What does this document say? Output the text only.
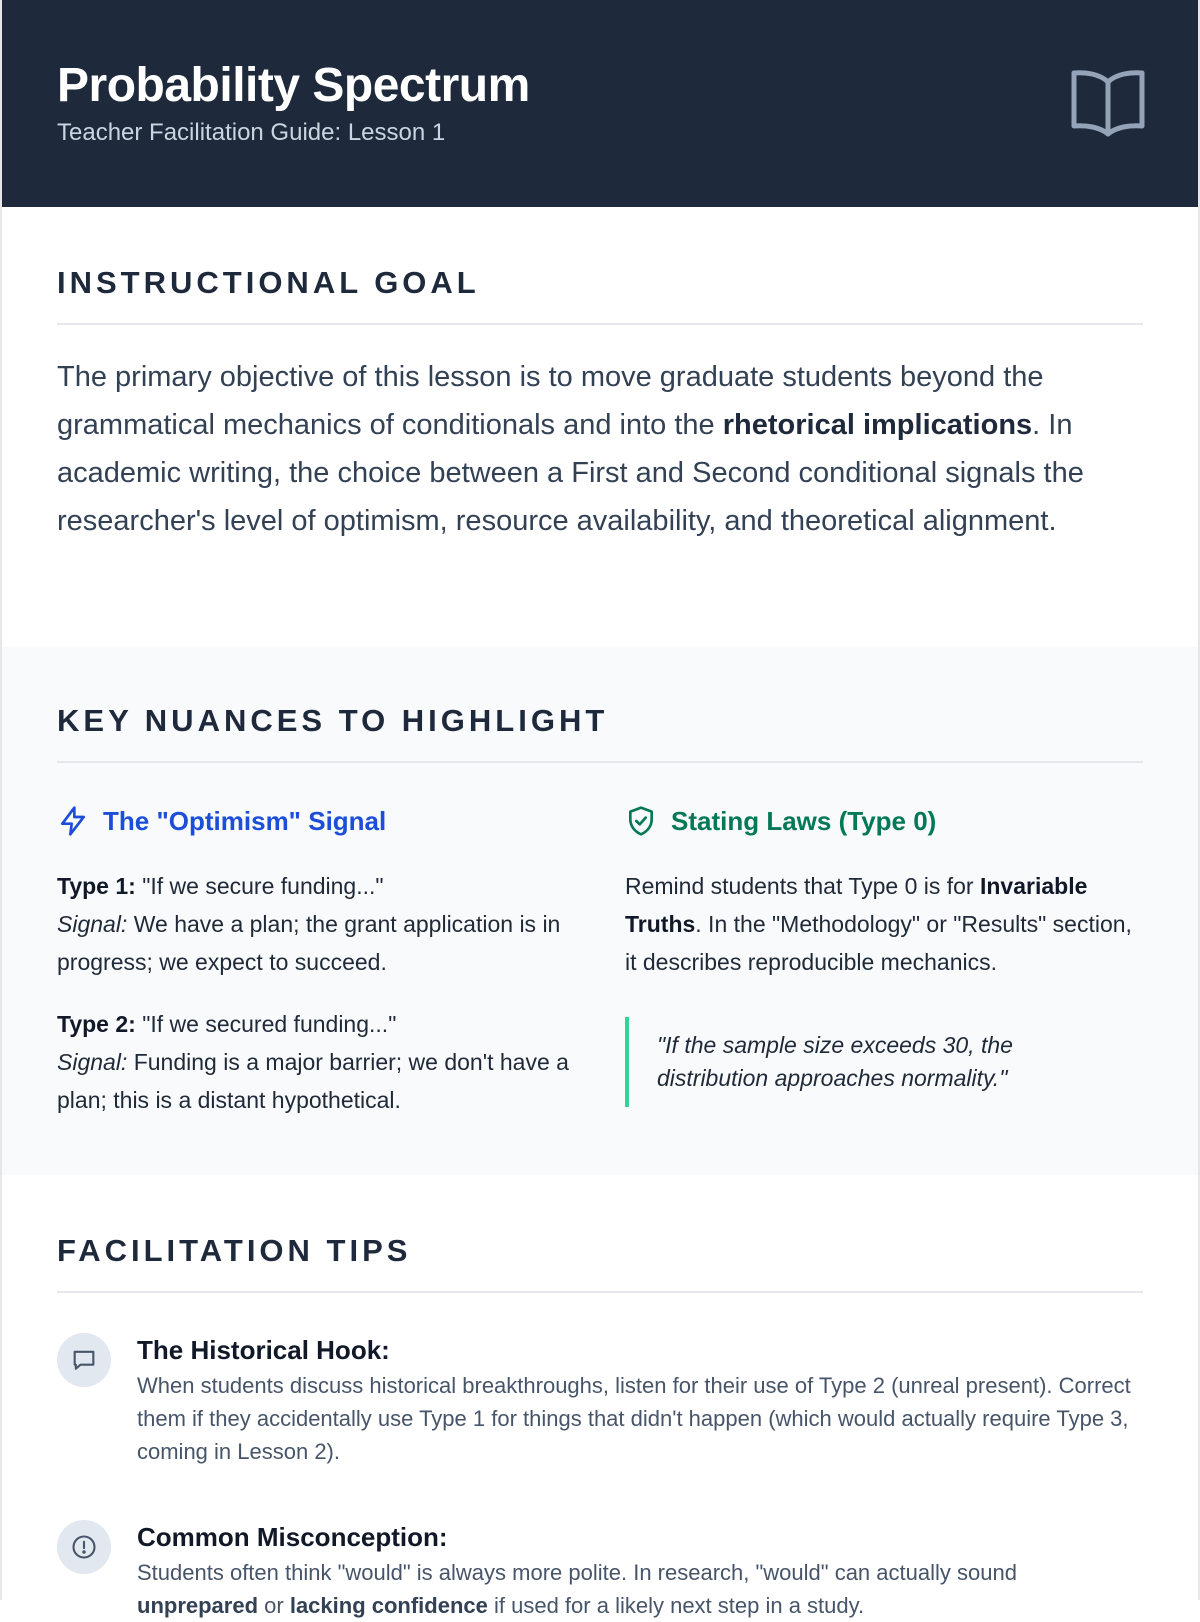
Probability Spectrum
Teacher Facilitation Guide: Lesson 1
INSTRUCTIONAL GOAL

The primary objective of this lesson is to move graduate students beyond the grammatical mechanics of conditionals and into the rhetorical implications. In academic writing, the choice between a First and Second conditional signals the researcher's level of optimism, resource availability, and theoretical alignment.

KEY NUANCES TO HIGHLIGHT
The "Optimism" Signal
Type 1: "If we secure funding..."
Signal: We have a plan; the grant application is in progress; we expect to succeed.
Type 2: "If we secured funding..."
Signal: Funding is a major barrier; we don't have a plan; this is a distant hypothetical.
Stating Laws (Type 0)
Remind students that Type 0 is for Invariable Truths. In the "Methodology" or "Results" section, it describes reproducible mechanics.
"If the sample size exceeds 30, the distribution approaches normality."
FACILITATION TIPS
The Historical Hook:
When students discuss historical breakthroughs, listen for their use of Type 2 (unreal present). Correct them if they accidentally use Type 1 for things that didn't happen (which would actually require Type 3, coming in Lesson 2).
Common Misconception:
Students often think "would" is always more polite. In research, "would" can actually sound unprepared or lacking confidence if used for a likely next step in a study.
